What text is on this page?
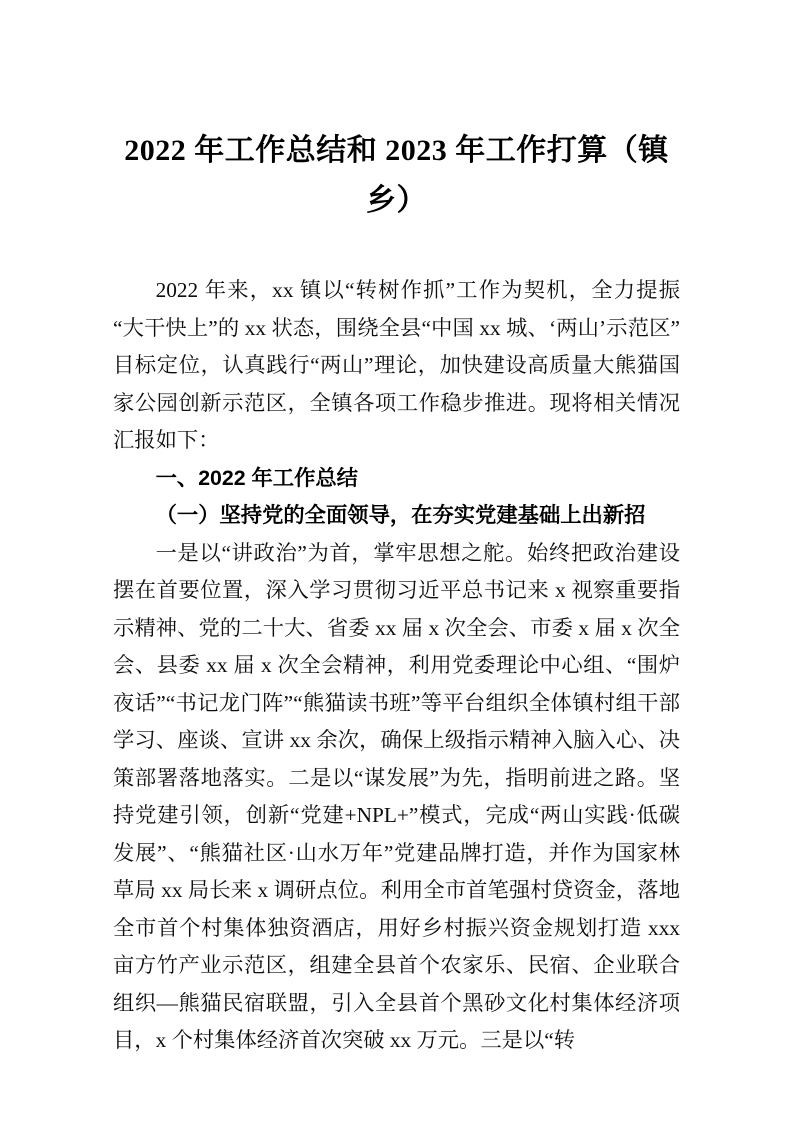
2022 年工作总结和 2023 年工作打算（镇乡）

2022 年来，xx 镇以“转树作抓”工作为契机，全力提振“大干快上”的 xx 状态，围绕全县“中国 xx 城、‘两山’示范区”目标定位，认真践行“两山”理论，加快建设高质量大熊猫国家公园创新示范区，全镇各项工作稳步推进。现将相关情况汇报如下：

一、2022 年工作总结

（一）坚持党的全面领导，在夯实党建基础上出新招

一是以“讲政治”为首，掌牢思想之舵。始终把政治建设摆在首要位置，深入学习贯彻习近平总书记来 x 视察重要指示精神、党的二十大、省委 xx 届 x 次全会、市委 x 届 x 次全会、县委 xx 届 x 次全会精神，利用党委理论中心组、“围炉夜话”“书记龙门阵”“熊猫读书班”等平台组织全体镇村组干部学习、座谈、宣讲 xx 余次，确保上级指示精神入脑入心、决策部署落地落实。二是以“谋发展”为先，指明前进之路。坚持党建引领，创新“党建+NPL+”模式，完成“两山实践·低碳发展”、“熊猫社区·山水万年”党建品牌打造，并作为国家林草局 xx 局长来 x 调研点位。利用全市首笔强村贷资金，落地全市首个村集体独资酒店，用好乡村振兴资金规划打造 xxx 亩方竹产业示范区，组建全县首个农家乐、民宿、企业联合组织—熊猫民宿联盟，引入全县首个黑砂文化村集体经济项目，x 个村集体经济首次突破 xx 万元。三是以“转
